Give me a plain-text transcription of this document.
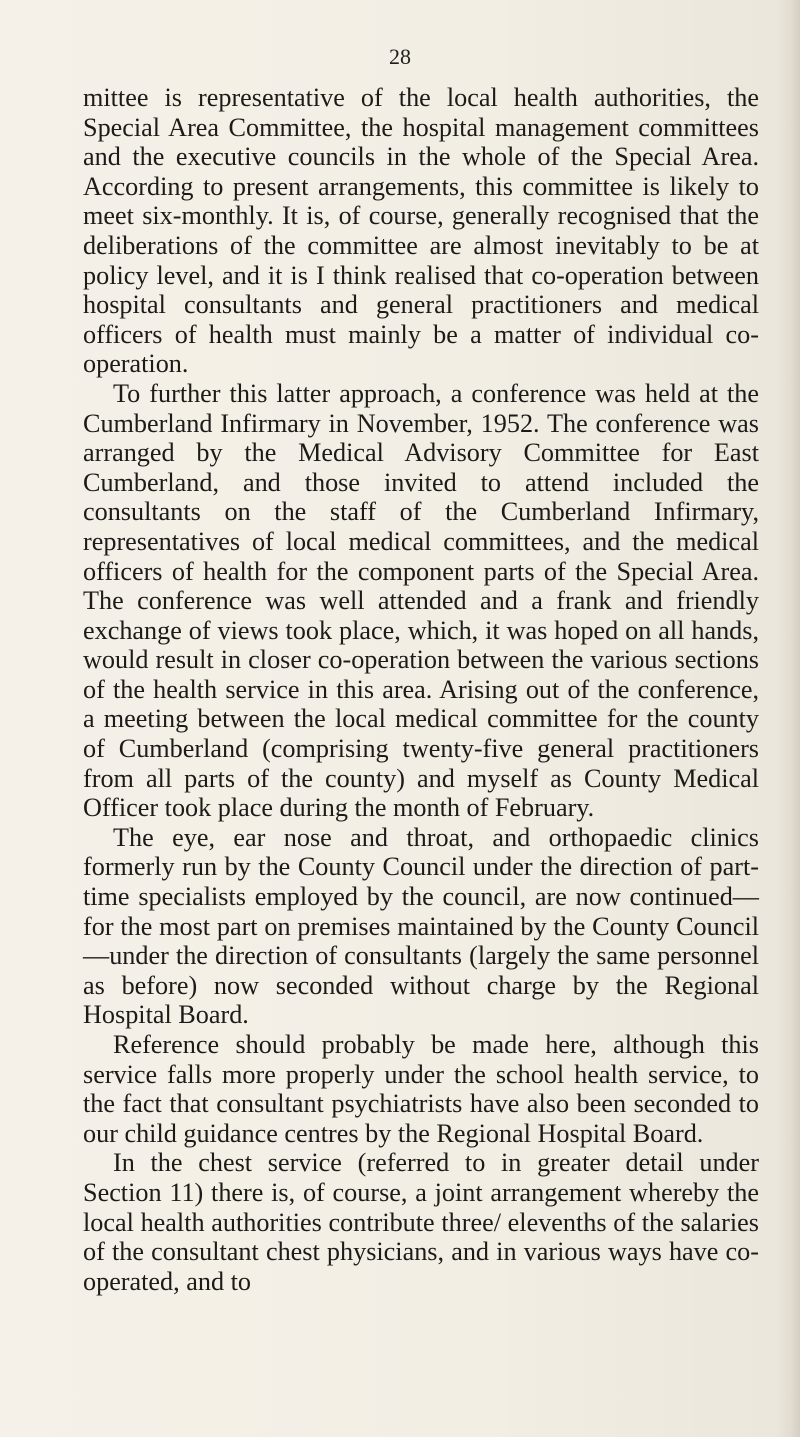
28

mittee is representative of the local health authorities, the Special Area Committee, the hospital management committees and the executive councils in the whole of the Special Area. According to present arrangements, this committee is likely to meet six-monthly. It is, of course, generally recognised that the deliberations of the committee are almost inevitably to be at policy level, and it is I think realised that co-operation between hospital consultants and general practitioners and medical officers of health must mainly be a matter of individual co-operation.

To further this latter approach, a conference was held at the Cumberland Infirmary in November, 1952. The conference was arranged by the Medical Advisory Committee for East Cumberland, and those invited to attend included the consultants on the staff of the Cumberland Infirmary, representatives of local medical committees, and the medical officers of health for the component parts of the Special Area. The conference was well attended and a frank and friendly exchange of views took place, which, it was hoped on all hands, would result in closer co-operation between the various sections of the health service in this area. Arising out of the conference, a meeting between the local medical committee for the county of Cumberland (comprising twenty-five general practitioners from all parts of the county) and myself as County Medical Officer took place during the month of February.

The eye, ear nose and throat, and orthopaedic clinics formerly run by the County Council under the direction of part-time specialists employed by the council, are now continued—for the most part on premises maintained by the County Council—under the direction of consultants (largely the same personnel as before) now seconded without charge by the Regional Hospital Board.

Reference should probably be made here, although this service falls more properly under the school health service, to the fact that consultant psychiatrists have also been seconded to our child guidance centres by the Regional Hospital Board.

In the chest service (referred to in greater detail under Section 11) there is, of course, a joint arrangement whereby the local health authorities contribute three/ elevenths of the salaries of the consultant chest physicians, and in various ways have co-operated, and to
